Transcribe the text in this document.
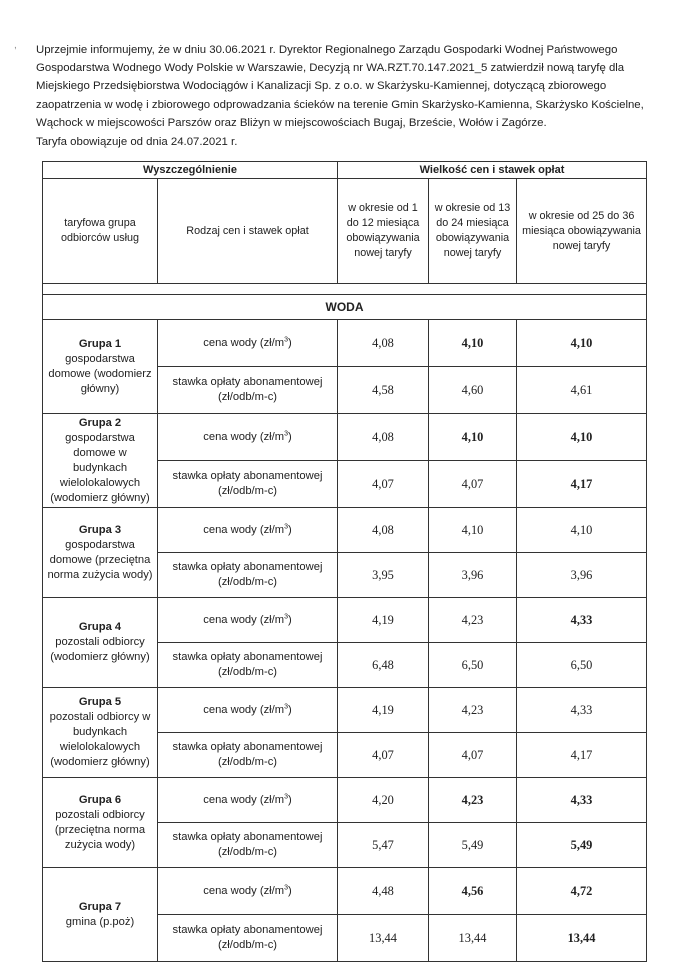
, Uprzejmie informujemy, że w dniu 30.06.2021 r. Dyrektor Regionalnego Zarządu Gospodarki Wodnej Państwowego Gospodarstwa Wodnego Wody Polskie w Warszawie, Decyzją nr WA.RZT.70.147.2021_5 zatwierdził nową taryfę dla Miejskiego Przedsiębiorstwa Wodociągów i Kanalizacji Sp. z o.o. w Skarżysku-Kamiennej, dotyczącą zbiorowego zaopatrzenia w wodę i zbiorowego odprowadzania ścieków na terenie Gmin Skarżysko-Kamienna, Skarżysko Kościelne, Wąchock w miejscowości Parszów oraz Bliżyn w miejscowościach Bugaj, Brzeście, Wołów i Zagórze.

Taryfa obowiązuje od dnia 24.07.2021 r.
Wyszczególnienie		Wielkość cen i stawek opłat		
taryfowa grupa odbiorców usług	Rodzaj cen i stawek opłat	w okresie od 1 do 12 miesiąca obowiązywania nowej taryfy	w okresie od 13 do 24 miesiąca obowiązywania nowej taryfy	w okresie od 25 do 36 miesiąca obowiązywania nowej taryfy

WODA				

Grupa 1
gospodarstwa domowe (wodomierz główny)	cena wody $(zł/m^3)$	4,08	4,10	4,10
	stawka opłaty abonamentowej (zł/odb/m-c)	4,58	4,60	4,61

Grupa 2
gospodarstwa domowe w budynkach wielolokalowych (wodomierz główny)	cena wody $(zł/m^3)$	4,08	4,10	4,10
	stawka opłaty abonamentowej (zł/odb/m-c)	4,07	4,07	4,17

Grupa 3
gospodarstwa domowe (przeciętna norma zużycia wody)	cena wody $(zł/m^3)$	4,08	4,10	4,10
	stawka opłaty abonamentowej (zł/odb/m-c)	3,95	3,96	3,96

Grupa 4
pozostali odbiorcy (wodomierz główny)	cena wody $(zł/m^3)$	4,19	4,23	4,33
	stawka opłaty abonamentowej (zł/odb/m-c)	6,48	6,50	6,50

Grupa 5
pozostali odbiorcy w budynkach wielolokalowych (wodomierz główny)	cena wody $(zł/m^3)$	4,19	4,23	4,33
	stawka opłaty abonamentowej (zł/odb/m-c)	4,07	4,07	4,17

Grupa 6
pozostali odbiorcy (przeciętna norma zużycia wody)	cena wody $(zł/m^3)$	4,20	4,23	4,33
	stawka opłaty abonamentowej (zł/odb/m-c)	5,47	5,49	5,49

Grupa 7
gmina (p.poż)	cena wody $(zł/m^3)$	4,48	4,56	4,72
	stawka opłaty abonamentowej (zł/odb/m-c)	13,44	13,44	13,44
